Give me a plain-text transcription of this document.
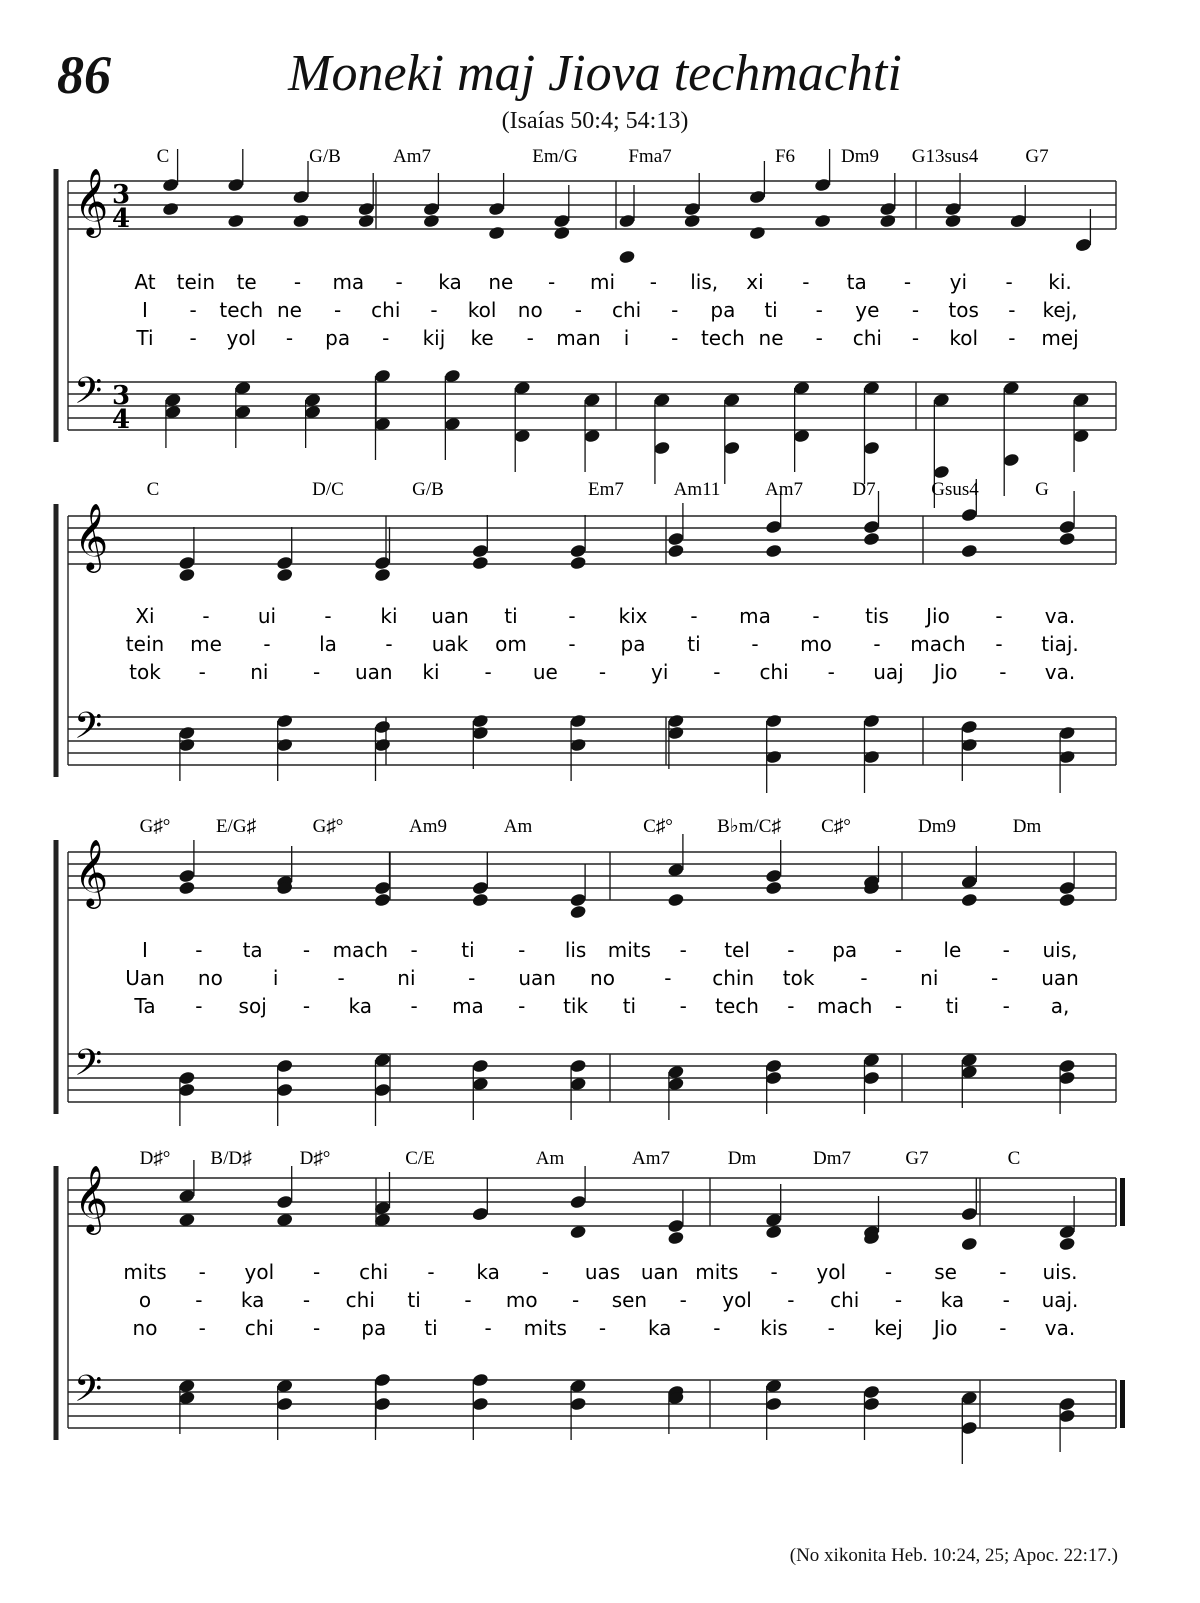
86	Moneki maj Jiova techmachti
(Isaías 50:4; 54:13)
(No xikonita Heb. 10:24, 25; Apoc. 22:17.)
𝄞 3
4
𝄢 3
4
C	G/B	Am7	Em/G	Fma7	F6 Dm9 G13sus4 G7
At tein te - ma - ka ne - mi - lis, xi - ta - yi - ki.
I - tech ne - chi - kol no - chi - pa ti - ye - tos - kej,
Ti - yol - pa - kij ke - man i - tech ne - chi - kol - mej
𝄞
𝄢
C	D/C	G/B	Em7	Am11 Am7	D7	Gsus4	G
Xi - ui - ki uan ti	- kix - ma - tis Jio - va.
tein me - la - uak om - pa ti	- mo - mach - tiaj.
tok - ni - uan ki - ue - yi - chi - uaj Jio - va.
𝄞
𝄢
G♯° E/G♯	G♯°	Am9	Am	C♯° B♭m/C♯ C♯°	Dm9	Dm
I - ta - mach - ti - lis mits - tel - pa - le - uis,
Uan no	i	-	ni	- uan no - chin tok -	ni	- uan
Ta - soj - ka - ma - tik ti - tech - mach - ti - a,
𝄞
𝄢
D♯° B/D♯	D♯°	C/E	Am	Am7	Dm	Dm7	G7	C
mits - yol - chi - ka - uas uan mits - yol - se - uis.
o - ka - chi ti - mo - sen - yol - chi - ka - uaj.
no - chi - pa ti - mits - ka - kis - kej Jio - va.
